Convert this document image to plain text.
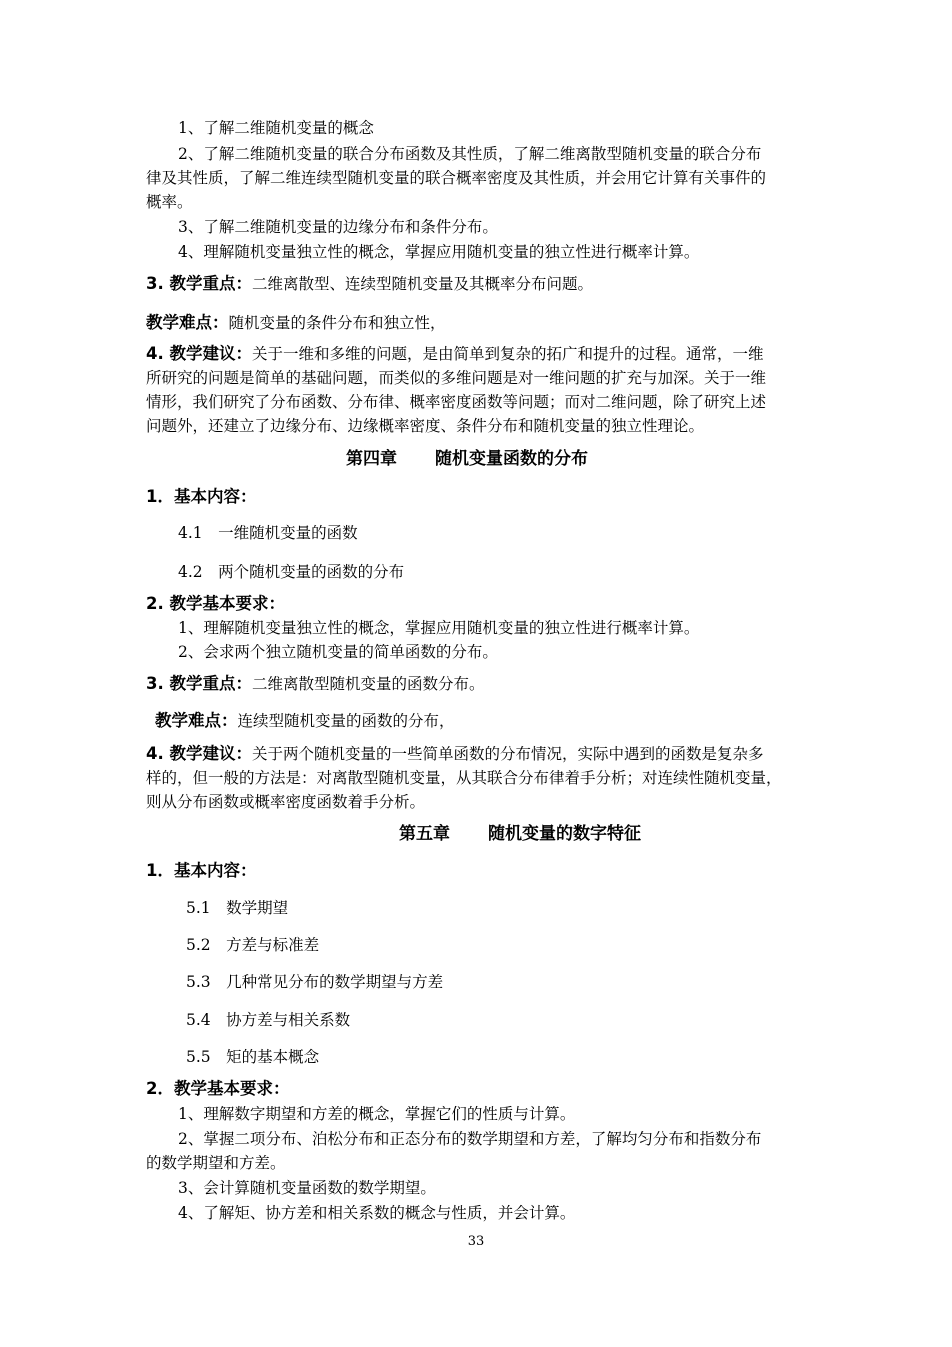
1、了解二维随机变量的概念
2、了解二维随机变量的联合分布函数及其性质，了解二维离散型随机变量的联合分布
律及其性质，了解二维连续型随机变量的联合概率密度及其性质，并会用它计算有关事件的
概率。
3、了解二维随机变量的边缘分布和条件分布。
4、理解随机变量独立性的概念，掌握应用随机变量的独立性进行概率计算。
3. 教学重点：二维离散型、连续型随机变量及其概率分布问题。
教学难点：随机变量的条件分布和独立性，
4. 教学建议：关于一维和多维的问题，是由简单到复杂的拓广和提升的过程。通常，一维
所研究的问题是简单的基础问题，而类似的多维问题是对一维问题的扩充与加深。关于一维
情形，我们研究了分布函数、分布律、概率密度函数等问题；而对二维问题，除了研究上述
问题外，还建立了边缘分布、边缘概率密度、条件分布和随机变量的独立性理论。
第四章 随机变量函数的分布
1．基本内容：
4.1　一维随机变量的函数
4.2　两个随机变量的函数的分布
2. 教学基本要求：
1、理解随机变量独立性的概念，掌握应用随机变量的独立性进行概率计算。
2、会求两个独立随机变量的简单函数的分布。
3. 教学重点：二维离散型随机变量的函数分布。
教学难点：连续型随机变量的函数的分布，
4. 教学建议：关于两个随机变量的一些简单函数的分布情况，实际中遇到的函数是复杂多
样的，但一般的方法是：对离散型随机变量，从其联合分布律着手分析；对连续性随机变量，
则从分布函数或概率密度函数着手分析。
第五章 随机变量的数字特征
1．基本内容：
5.1　数学期望
5.2　方差与标准差
5.3　几种常见分布的数学期望与方差
5.4　协方差与相关系数
5.5　矩的基本概念
2．教学基本要求：
1、理解数字期望和方差的概念，掌握它们的性质与计算。
2、掌握二项分布、泊松分布和正态分布的数学期望和方差，了解均匀分布和指数分布
的数学期望和方差。
3、会计算随机变量函数的数学期望。
4、了解矩、协方差和相关系数的概念与性质，并会计算。
33
